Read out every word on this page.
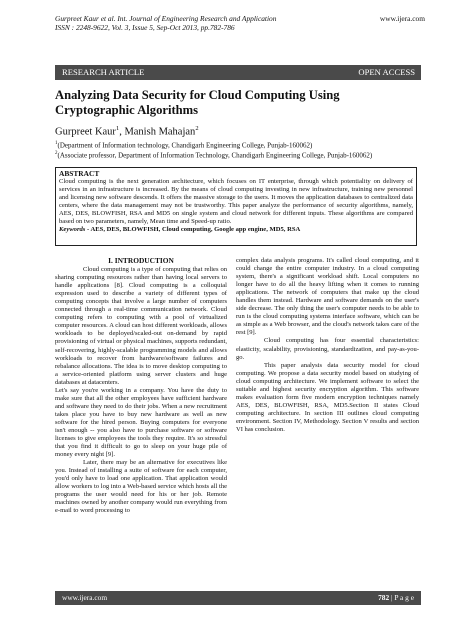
Gurpreet Kaur et al. Int. Journal of Engineering Research and Application
ISSN : 2248-9622, Vol. 3, Issue 5, Sep-Oct 2013, pp.782-786
www.ijera.com
RESEARCH ARTICLE	OPEN ACCESS
Analyzing Data Security for Cloud Computing Using Cryptographic Algorithms
Gurpreet Kaur$^1$, Manish Mahajan$^2$
$^1$(Department of Information technology, Chandigarh Engineering College, Punjab-160062)
$^2$(Associate professor, Department of Information Technology, Chandigarh Engineering College, Punjab-160062)
ABSTRACT

Cloud computing is the next generation architecture, which focuses on IT enterprise, through which potentiality on delivery of services in an infrastructure is increased. By the means of cloud computing investing in new infrastructure, training new personnel and licensing new software descends. It offers the massive storage to the users. It moves the application databases to centralized data centers, where the data management may not be trustworthy. This paper analyze the performance of security algorithms, namely, AES, DES, BLOWFISH, RSA and MD5 on single system and cloud network for different inputs. These algorithms are compared based on two parameters, namely, Mean time and Speed-up ratio.

Keywords - AES, DES, BLOWFISH, Cloud computing, Google app engine, MD5, RSA

I. INTRODUCTION

Cloud computing is a type of computing that relies on sharing computing resources rather than having local servers to handle applications [8]. Cloud computing is a colloquial expression used to describe a variety of different types of computing concepts that involve a large number of computers connected through a real-time communication network. Cloud computing refers to computing with a pool of virtualized computer resources. A cloud can host different workloads, allows workloads to be deployed/scaled-out on-demand by rapid provisioning of virtual or physical machines, supports redundant, self-recovering, highly-scalable programming models and allows workloads to recover from hardware/software failures and rebalance allocations. The idea is to move desktop computing to a service-oriented platform using server clusters and huge databases at datacenters.

Let's say you're working in a company. You have the duty to make sure that all the other employees have sufficient hardware and software they need to do their jobs. When a new recruitment takes place you have to buy new hardware as well as new software for the hired person. Buying computers for everyone isn't enough -- you also have to purchase software or software licenses to give employees the tools they require. It's so stressful that you find it difficult to go to sleep on your huge pile of money every night [9].

Later, there may be an alternative for executives like you. Instead of installing a suite of software for each computer, you'd only have to load one application. That application would allow workers to log into a Web-based service which hosts all the programs the user would need for his or her job. Remote machines owned by another company would run everything from e-mail to word processing to

complex data analysis programs. It's called cloud computing, and it could change the entire computer industry. In a cloud computing system, there's a significant workload shift. Local computers no longer have to do all the heavy lifting when it comes to running applications. The network of computers that make up the cloud handles them instead. Hardware and software demands on the user's side decrease. The only thing the user's computer needs to be able to run is the cloud computing systems interface software, which can be as simple as a Web browser, and the cloud's network takes care of the rest [9].

Cloud computing has four essential characteristics: elasticity, scalability, provisioning, standardization, and pay-as-you-go.

This paper analysis data security model for cloud computing. We propose a data security model based on studying of cloud computing architecture. We implement software to select the suitable and highest security encryption algorithm. This software makes evaluation form five modern encryption techniques namely AES, DES, BLOWFISH, RSA, MD5.Section II states Cloud computing architecture. In section III outlines cloud computing environment. Section IV, Methodology. Section V results and section VI has conclusion.

www.ijera.com	782 | P a g e
